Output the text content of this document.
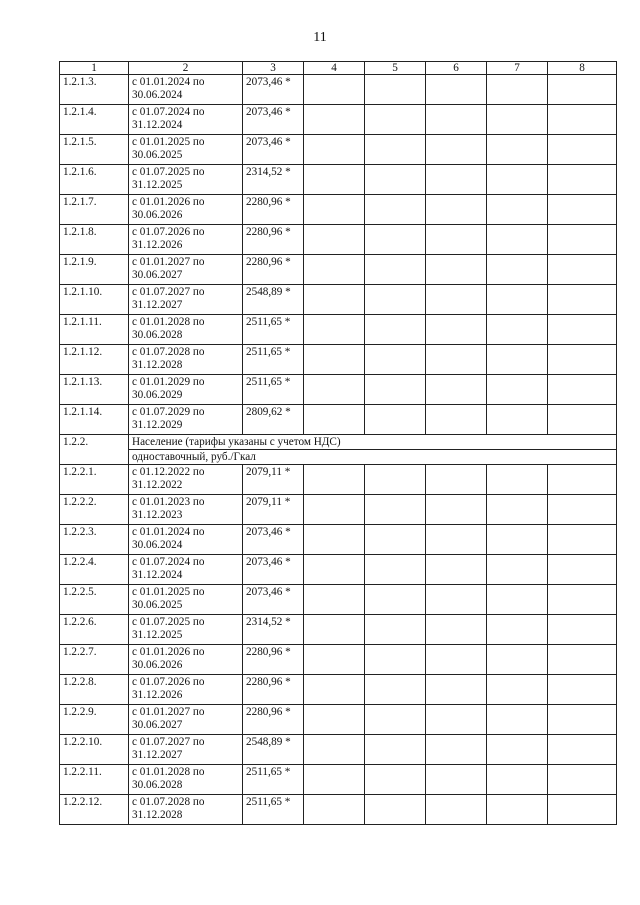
11
1	2	3	4	5	6	7	8
1.2.1.3.	с 01.01.2024 по
30.06.2024	2073,46 *					
1.2.1.4.	с 01.07.2024 по
31.12.2024	2073,46 *					
1.2.1.5.	с 01.01.2025 по
30.06.2025	2073,46 *					
1.2.1.6.	с 01.07.2025 по
31.12.2025	2314,52 *					
1.2.1.7.	с 01.01.2026 по
30.06.2026	2280,96 *					
1.2.1.8.	с 01.07.2026 по
31.12.2026	2280,96 *					
1.2.1.9.	с 01.01.2027 по
30.06.2027	2280,96 *					
1.2.1.10.	с 01.07.2027 по
31.12.2027	2548,89 *					
1.2.1.11.	с 01.01.2028 по
30.06.2028	2511,65 *					
1.2.1.12.	с 01.07.2028 по
31.12.2028	2511,65 *					
1.2.1.13.	с 01.01.2029 по
30.06.2029	2511,65 *					
1.2.1.14.	с 01.07.2029 по
31.12.2029	2809,62 *					
1.2.2.	Население (тарифы указаны с учетом НДС)						
	одноставочный, руб./Гкал						
1.2.2.1.	с 01.12.2022 по
31.12.2022	2079,11 *					
1.2.2.2.	с 01.01.2023 по
31.12.2023	2079,11 *					
1.2.2.3.	с 01.01.2024 по
30.06.2024	2073,46 *					
1.2.2.4.	с 01.07.2024 по
31.12.2024	2073,46 *					
1.2.2.5.	с 01.01.2025 по
30.06.2025	2073,46 *					
1.2.2.6.	с 01.07.2025 по
31.12.2025	2314,52 *					
1.2.2.7.	с 01.01.2026 по
30.06.2026	2280,96 *					
1.2.2.8.	с 01.07.2026 по
31.12.2026	2280,96 *					
1.2.2.9.	с 01.01.2027 по
30.06.2027	2280,96 *					
1.2.2.10.	с 01.07.2027 по
31.12.2027	2548,89 *					
1.2.2.11.	с 01.01.2028 по
30.06.2028	2511,65 *					
1.2.2.12.	с 01.07.2028 по
31.12.2028	2511,65 *					
